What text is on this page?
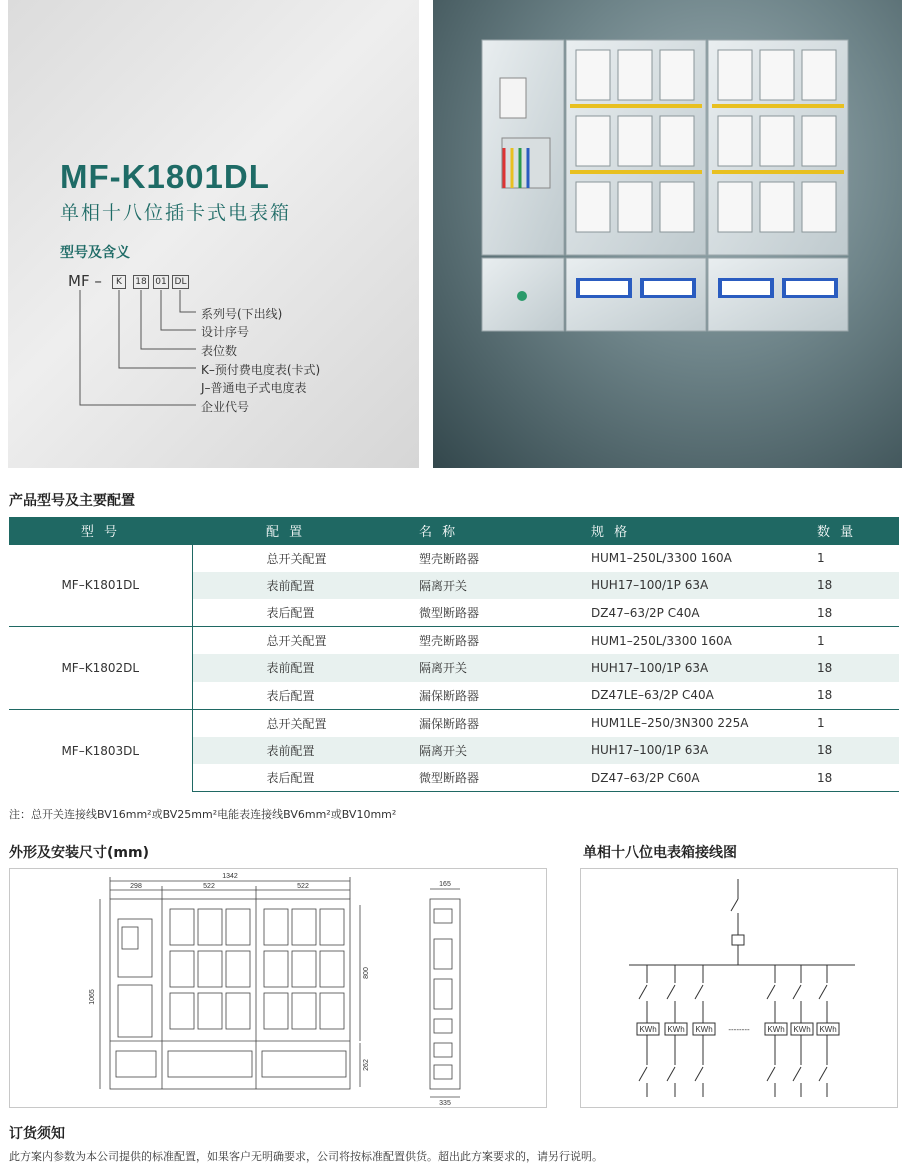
MF-K1801DL
单相十八位插卡式电表箱
型号及含义
MF –	K	18 01 DL
系列号(下出线)
设计序号
表位数
K–预付费电度表(卡式)
J–普通电子式电度表
企业代号
产品型号及主要配置
型 号	配 置	名 称	规 格	数 量
MF–K1801DL	总开关配置	塑壳断路器	HUM1–250L/3300 160A	1
	表前配置	隔离开关	HUH17–100/1P 63A	18
	表后配置	微型断路器	DZ47–63/2P C40A	18
MF–K1802DL	总开关配置	塑壳断路器	HUM1–250L/3300 160A	1
	表前配置	隔离开关	HUH17–100/1P 63A	18
	表后配置	漏保断路器	DZ47LE–63/2P C40A	18
MF–K1803DL	总开关配置	漏保断路器	HUM1LE–250/3N300 225A	1
	表前配置	隔离开关	HUH17–100/1P 63A	18
	表后配置	微型断路器	DZ47–63/2P C60A	18
注：总开关连接线BV16mm²或BV25mm²电能表连接线BV6mm²或BV10mm²
外形及安装尺寸(mm)
1342
298	522	522
1065
800
262
165
335
单相十八位电表箱接线图
KWh KWh KWh	KWh KWh KWh
--------
订货须知
此方案内参数为本公司提供的标准配置，如果客户无明确要求，公司将按标准配置供货。超出此方案要求的，请另行说明。
